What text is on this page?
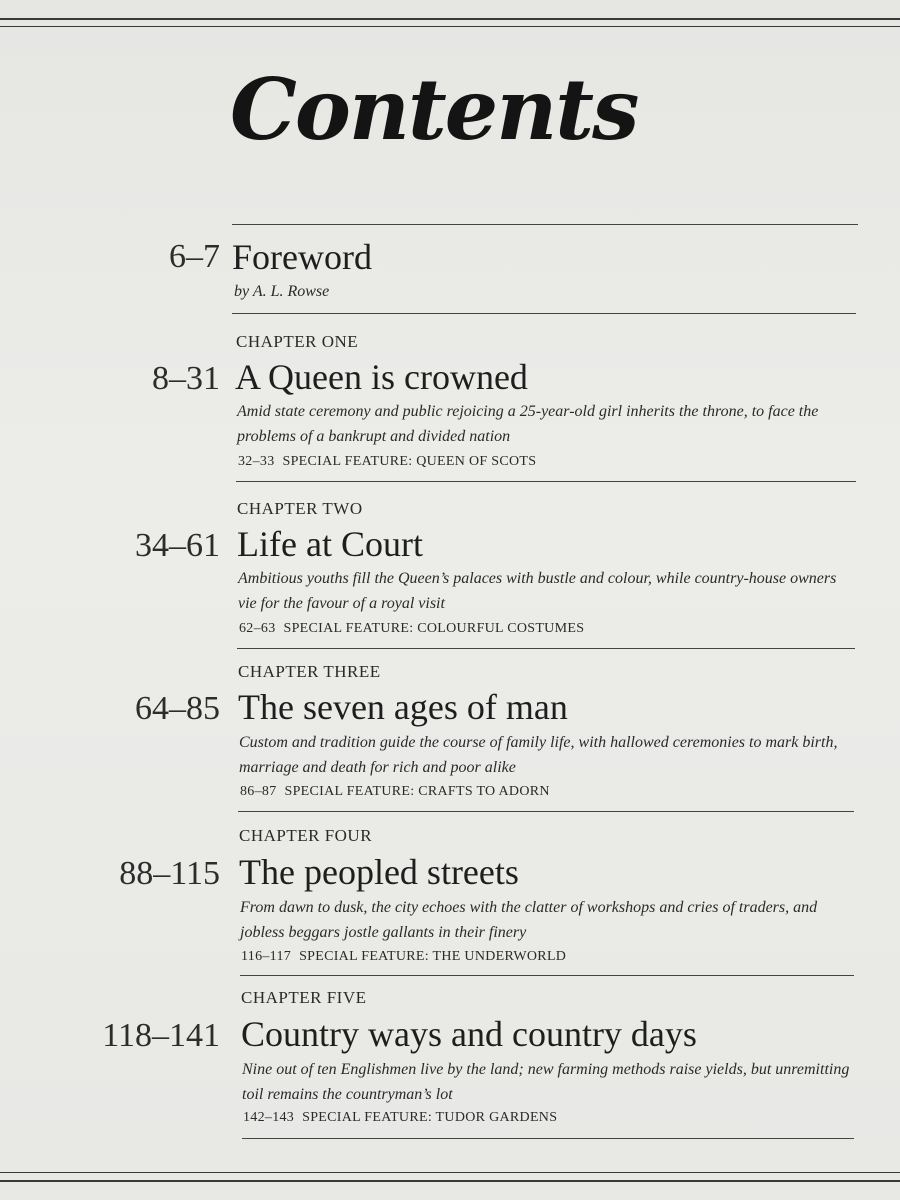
Contents
6–7 Foreword
by A. L. Rowse
CHAPTER ONE
8–31 A Queen is crowned
Amid state ceremony and public rejoicing a 25-year-old girl inherits the throne, to face the problems of a bankrupt and divided nation
32–33 SPECIAL FEATURE: QUEEN OF SCOTS
CHAPTER TWO
34–61 Life at Court
Ambitious youths fill the Queen’s palaces with bustle and colour, while country-house owners vie for the favour of a royal visit
62–63 SPECIAL FEATURE: COLOURFUL COSTUMES
CHAPTER THREE
64–85 The seven ages of man
Custom and tradition guide the course of family life, with hallowed ceremonies to mark birth, marriage and death for rich and poor alike
86–87 SPECIAL FEATURE: CRAFTS TO ADORN
CHAPTER FOUR
88–115 The peopled streets
From dawn to dusk, the city echoes with the clatter of workshops and cries of traders, and jobless beggars jostle gallants in their finery
116–117 SPECIAL FEATURE: THE UNDERWORLD
CHAPTER FIVE
118–141 Country ways and country days
Nine out of ten Englishmen live by the land; new farming methods raise yields, but unremitting toil remains the countryman’s lot
142–143 SPECIAL FEATURE: TUDOR GARDENS
